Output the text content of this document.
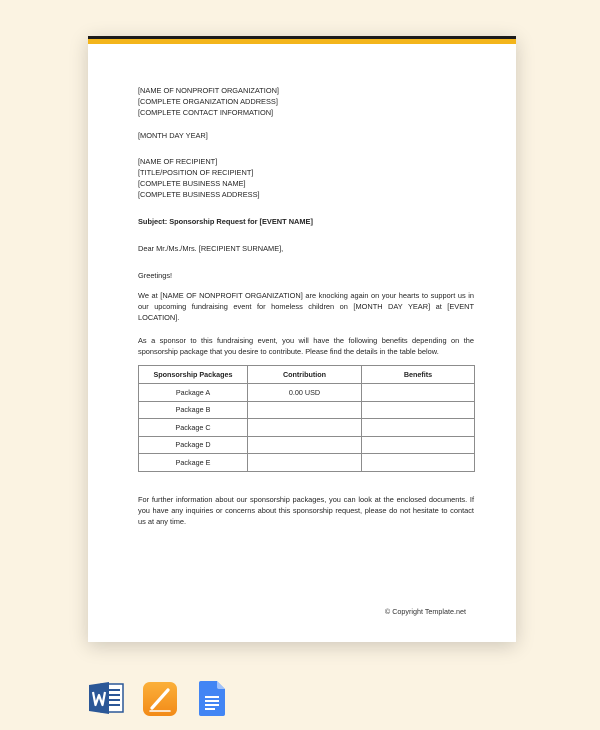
[NAME OF NONPROFIT ORGANIZATION]

[COMPLETE ORGANIZATION ADDRESS]

[COMPLETE CONTACT INFORMATION]

[MONTH DAY YEAR]

[NAME OF RECIPIENT]

[TITLE/POSITION OF RECIPIENT]

[COMPLETE BUSINESS NAME]

[COMPLETE BUSINESS ADDRESS]

Subject: Sponsorship Request for [EVENT NAME]

Dear Mr./Ms./Mrs. [RECIPIENT SURNAME],

Greetings!

We at [NAME OF NONPROFIT ORGANIZATION] are knocking again on your hearts to support us in our upcoming fundraising event for homeless children on [MONTH DAY YEAR] at [EVENT LOCATION].

As a sponsor to this fundraising event, you will have the following benefits depending on the sponsorship package that you desire to contribute. Please find the details in the table below.

Sponsorship Packages	Contribution	Benefits
Package A	0.00 USD	
Package B		
Package C		
Package D		
Package E		

For further information about our sponsorship packages, you can look at the enclosed documents. If you have any inquiries or concerns about this sponsorship request, please do not hesitate to contact us at any time.

© Copyright Template.net
